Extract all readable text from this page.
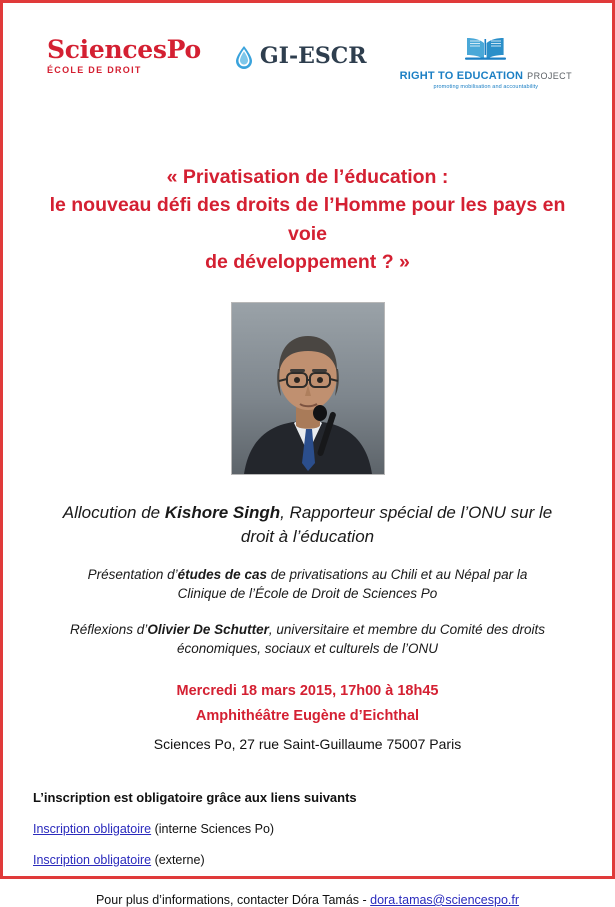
SciencesPo
ÉCOLE DE DROIT
GI-ESCR
RIGHT TO EDUCATION PROJECT
promoting mobilisation and accountability
« Privatisation de l’éducation :
le nouveau défi des droits de l’Homme pour les pays en voie
de développement ? »
Allocution de Kishore Singh, Rapporteur spécial de l’ONU sur le droit à l’éducation
Présentation d’études de cas de privatisations au Chili et au Népal par la Clinique de l’École de Droit de Sciences Po
Réflexions d’Olivier De Schutter, universitaire et membre du Comité des droits économiques, sociaux et culturels de l’ONU
Mercredi 18 mars 2015, 17h00 à 18h45
Amphithéâtre Eugène d’Eichthal
Sciences Po, 27 rue Saint-Guillaume 75007 Paris
L’inscription est obligatoire grâce aux liens suivants
Inscription obligatoire (interne Sciences Po)
Inscription obligatoire (externe)
Pour plus d’informations, contacter Dóra Tamás - dora.tamas@sciencespo.fr
